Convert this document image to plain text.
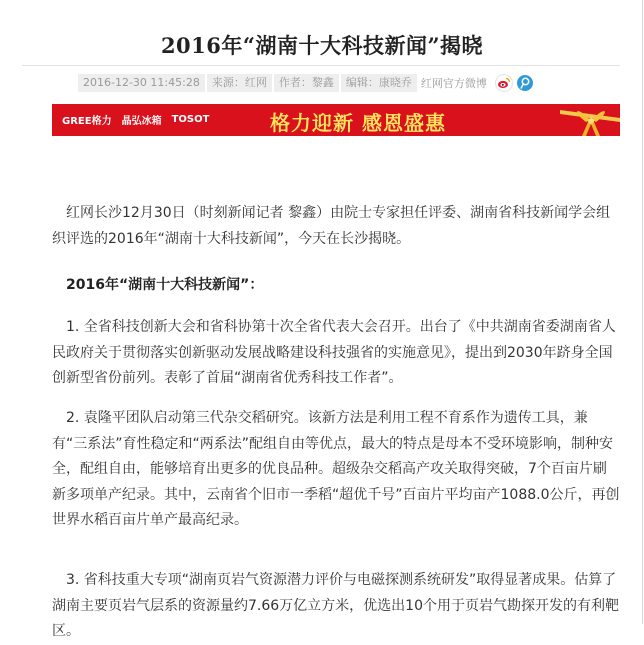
2016年“湖南十大科技新闻”揭晓
2016-12-30 11:45:28	来源：红网	作者：黎鑫	编辑：康晓乔 红网官方微博
GREE格力 晶弘冰箱 TOSOT	格力迎新 感恩盛惠

红网长沙12月30日（时刻新闻记者 黎鑫）由院士专家担任评委、湖南省科技新闻学会组织评选的2016年“湖南十大科技新闻”，今天在长沙揭晓。

2016年“湖南十大科技新闻”：

1. 全省科技创新大会和省科协第十次全省代表大会召开。出台了《中共湖南省委湖南省人民政府关于贯彻落实创新驱动发展战略建设科技强省的实施意见》，提出到2030年跻身全国创新型省份前列。表彰了首届“湖南省优秀科技工作者”。

2. 袁隆平团队启动第三代杂交稻研究。该新方法是利用工程不育系作为遗传工具，兼有“三系法”育性稳定和“两系法”配组自由等优点，最大的特点是母本不受环境影响，制种安全，配组自由，能够培育出更多的优良品种。超级杂交稻高产攻关取得突破，7个百亩片刷新多项单产纪录。其中，云南省个旧市一季稻“超优千号”百亩片平均亩产1088.0公斤，再创世界水稻百亩片单产最高纪录。

3. 省科技重大专项“湖南页岩气资源潜力评价与电磁探测系统研发”取得显著成果。估算了湖南主要页岩气层系的资源量约7.66万亿立方米，优选出10个用于页岩气勘探开发的有利靶区。
